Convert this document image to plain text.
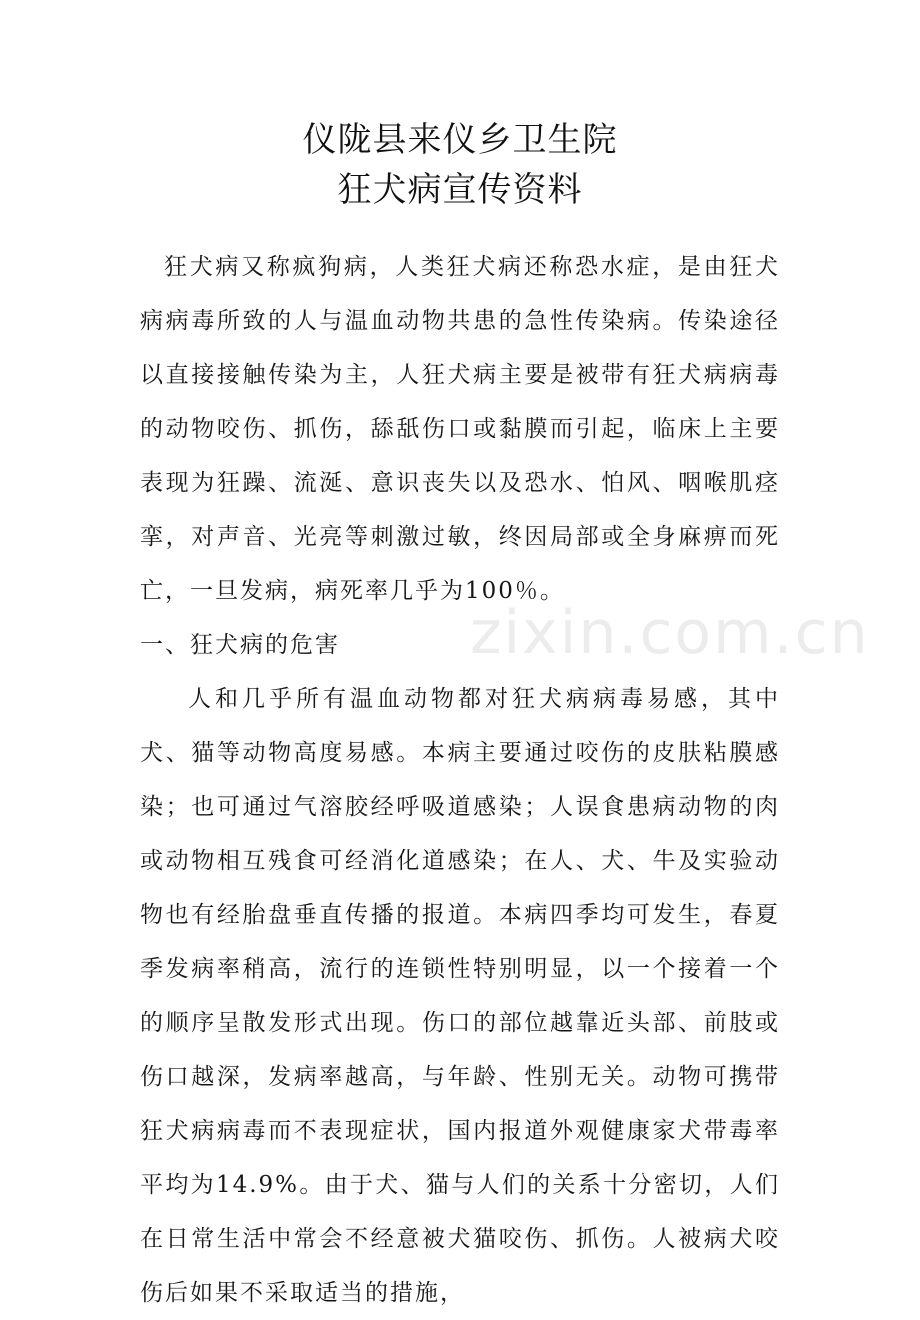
仪陇县来仪乡卫生院
狂犬病宣传资料

狂犬病又称疯狗病，人类狂犬病还称恐水症，是由狂犬病病毒所致的人与温血动物共患的急性传染病。传染途径以直接接触传染为主，人狂犬病主要是被带有狂犬病病毒的动物咬伤、抓伤，舔舐伤口或黏膜而引起，临床上主要表现为狂躁、流涎、意识丧失以及恐水、怕风、咽喉肌痉挛，对声音、光亮等刺激过敏，终因局部或全身麻痹而死亡，一旦发病，病死率几乎为100％。

一、狂犬病的危害

人和几乎所有温血动物都对狂犬病病毒易感，其中犬、猫等动物高度易感。本病主要通过咬伤的皮肤粘膜感染；也可通过气溶胶经呼吸道感染；人误食患病动物的肉或动物相互残食可经消化道感染；在人、犬、牛及实验动物也有经胎盘垂直传播的报道。本病四季均可发生，春夏季发病率稍高，流行的连锁性特别明显，以一个接着一个的顺序呈散发形式出现。伤口的部位越靠近头部、前肢或伤口越深，发病率越高，与年龄、性别无关。动物可携带狂犬病病毒而不表现症状，国内报道外观健康家犬带毒率平均为14.9%。由于犬、猫与人们的关系十分密切，人们在日常生活中常会不经意被犬猫咬伤、抓伤。人被病犬咬伤后如果不采取适当的措施，

zixin.com.cn
